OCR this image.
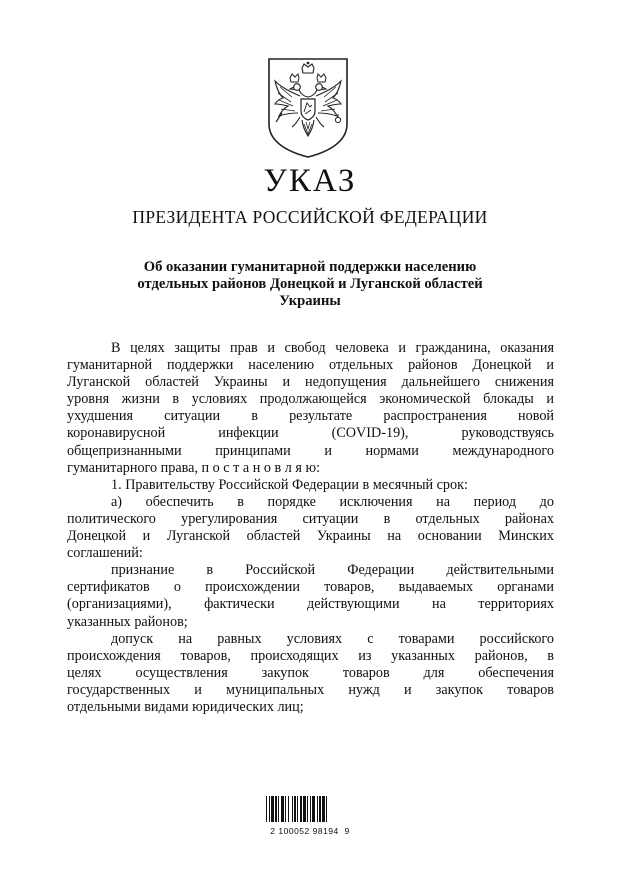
УКАЗ
ПРЕЗИДЕНТА РОССИЙСКОЙ ФЕДЕРАЦИИ
Об оказании гуманитарной поддержки населению
отдельных районов Донецкой и Луганской областей
Украины
В целях защиты прав и свобод человека и гражданина, оказания
гуманитарной поддержки населению отдельных районов Донецкой и
Луганской областей Украины и недопущения дальнейшего снижения
уровня жизни в условиях продолжающейся экономической блокады и
ухудшения ситуации в результате распространения новой
коронавирусной инфекции (COVID-19), руководствуясь
общепризнанными принципами и нормами международного
гуманитарного права, п о с т а н о в л я ю:
1. Правительству Российской Федерации в месячный срок:
а) обеспечить в порядке исключения на период до
политического урегулирования ситуации в отдельных районах
Донецкой и Луганской областей Украины на основании Минских
соглашений:
признание в Российской Федерации действительными
сертификатов о происхождении товаров, выдаваемых органами
(организациями), фактически действующими на территориях
указанных районов;
допуск на равных условиях с товарами российского
происхождения товаров, происходящих из указанных районов, в
целях осуществления закупок товаров для обеспечения
государственных и муниципальных нужд и закупок товаров
отдельными видами юридических лиц;
2 100052 98194  9
